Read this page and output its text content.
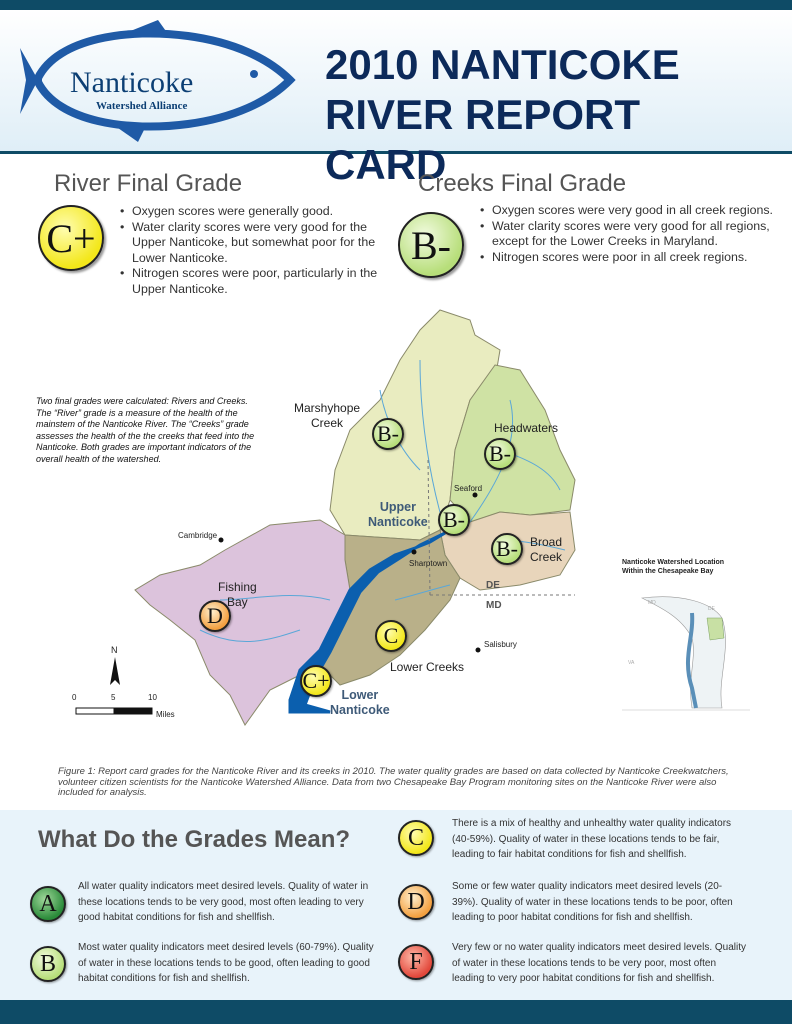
Nanticoke
Watershed Alliance
2010 NANTICOKE
RIVER REPORT CARD
River Final Grade
C+
• Oxygen scores were generally good.
• Water clarity scores were very good for the Upper Nanticoke, but somewhat poor for the Lower Nanticoke.
• Nitrogen scores were poor, particularly in the Upper Nanticoke.
Creeks Final Grade
B-
• Oxygen scores were very good in all creek regions.
• Water clarity scores were very good for all regions, except for the Lower Creeks in Maryland.
• Nitrogen scores were poor in all creek regions.
Two final grades were calculated: Rivers and Creeks. The “River” grade is a measure of the health of the mainstem of the Nanticoke River. The “Creeks” grade assesses the health of the the creeks that feed into the Nanticoke. Both grades are important indicators of the overall health of the watershed.
Marshyhope
Creek	B-	Headwaters
B-
Upper
Nanticoke B-
B-	Broad
Creek
Fishing
Bay
D
C
Lower Creeks
C+
Lower
Nanticoke
Seaford
Cambridge
Sharptown
Salisbury
DE
MD
N
0	5	10
Miles
Nanticoke Watershed Location
Within the Chesapeake Bay
MD
DE
VA
Figure 1: Report card grades for the Nanticoke River and its creeks in 2010. The water quality grades are based on data collected by Nanticoke Creekwatchers, volunteer citizen scientists for the Nanticoke Watershed Alliance. Data from two Chesapeake Bay Program monitoring sites on the Nanticoke River were also included for analysis.
What Do the Grades Mean?
A
All water quality indicators meet desired levels. Quality of water in these locations tends to be very good, most often leading to very good habitat conditions for fish and shellfish.
B
Most water quality indicators meet desired levels (60-79%). Quality of water in these locations tends to be good, often leading to good habitat conditions for fish and shellfish.
C
There is a mix of healthy and unhealthy water quality indicators (40-59%). Quality of water in these locations tends to be fair, leading to fair habitat conditions for fish and shellfish.
D
Some or few water quality indicators meet desired levels (20-39%). Quality of water in these locations tends to be poor, often leading to poor habitat conditions for fish and shellfish.
F
Very few or no water quality indicators meet desired levels. Quality of water in these locations tends to be very poor, most often leading to very poor habitat conditions for fish and shellfish.
